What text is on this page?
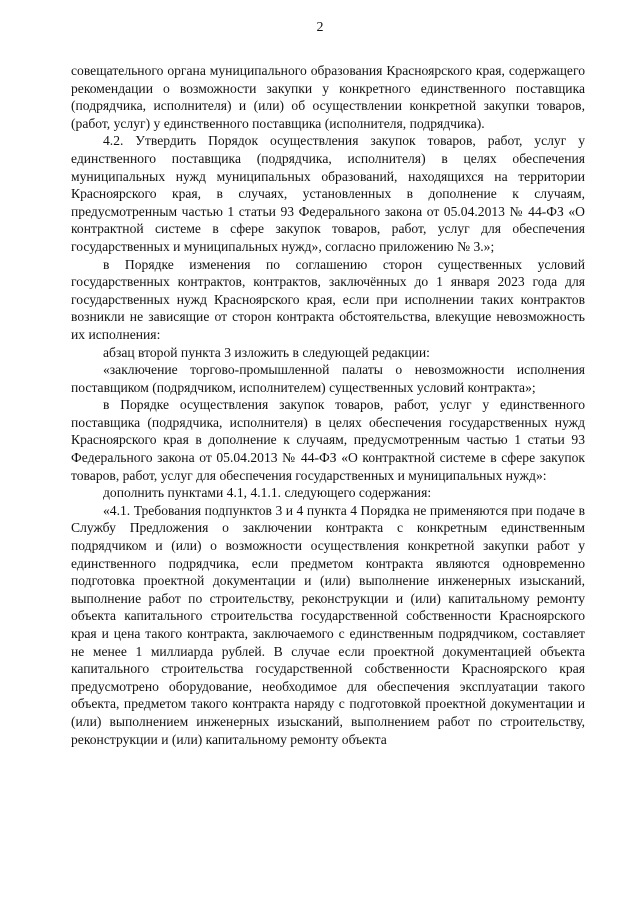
2

совещательного органа муниципального образования Красноярского края, содержащего рекомендации о возможности закупки у конкретного единственного поставщика (подрядчика, исполнителя) и (или) об осуществлении конкретной закупки товаров, (работ, услуг) у единственного поставщика (исполнителя, подрядчика).

4.2. Утвердить Порядок осуществления закупок товаров, работ, услуг у единственного поставщика (подрядчика, исполнителя) в целях обеспечения муниципальных нужд муниципальных образований, находящихся на территории Красноярского края, в случаях, установленных в дополнение к случаям, предусмотренным частью 1 статьи 93 Федерального закона от 05.04.2013 № 44-ФЗ «О контрактной системе в сфере закупок товаров, работ, услуг для обеспечения государственных и муниципальных нужд», согласно приложению № 3.»;

в Порядке изменения по соглашению сторон существенных условий государственных контрактов, контрактов, заключённых до 1 января 2023 года для государственных нужд Красноярского края, если при исполнении таких контрактов возникли не зависящие от сторон контракта обстоятельства, влекущие невозможность их исполнения:

абзац второй пункта 3 изложить в следующей редакции:

«заключение торгово-промышленной палаты о невозможности исполнения поставщиком (подрядчиком, исполнителем) существенных условий контракта»;

в Порядке осуществления закупок товаров, работ, услуг у единственного поставщика (подрядчика, исполнителя) в целях обеспечения государственных нужд Красноярского края в дополнение к случаям, предусмотренным частью 1 статьи 93 Федерального закона от 05.04.2013 № 44-ФЗ «О контрактной системе в сфере закупок товаров, работ, услуг для обеспечения государственных и муниципальных нужд»:

дополнить пунктами 4.1, 4.1.1. следующего содержания:

«4.1. Требования подпунктов 3 и 4 пункта 4 Порядка не применяются при подаче в Службу Предложения о заключении контракта с конкретным единственным подрядчиком и (или) о возможности осуществления конкретной закупки работ у единственного подрядчика, если предметом контракта являются одновременно подготовка проектной документации и (или) выполнение инженерных изысканий, выполнение работ по строительству, реконструкции и (или) капитальному ремонту объекта капитального строительства государственной собственности Красноярского края и цена такого контракта, заключаемого с единственным подрядчиком, составляет не менее 1 миллиарда рублей. В случае если проектной документацией объекта капитального строительства государственной собственности Красноярского края предусмотрено оборудование, необходимое для обеспечения эксплуатации такого объекта, предметом такого контракта наряду с подготовкой проектной документации и (или) выполнением инженерных изысканий, выполнением работ по строительству, реконструкции и (или) капитальному ремонту объекта
